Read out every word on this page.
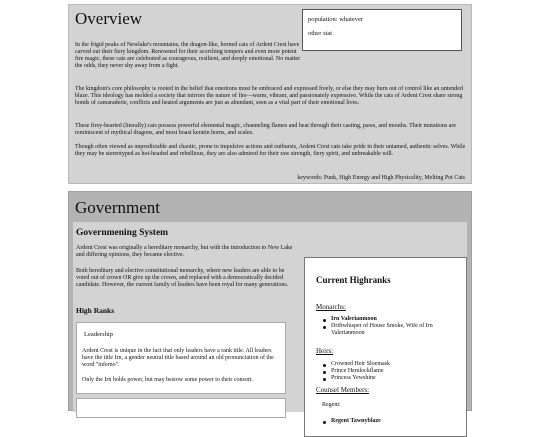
Overview	population: whatever
other stat

In the frigid peaks of Newlake's mountains, the dragon-like, horned cats of Ardent Crest have carved out their fiery kingdom. Renowned for their scorching tempers and even more potent fire magic, these cats are celebrated as courageous, resilient, and deeply emotional. No matter the odds, they never shy away from a fight.

The kingdom's core philosophy is rooted in the belief that emotions must be embraced and expressed freely, or else they may burn out of control like an untended blaze. This ideology has molded a society that mirrors the nature of fire—warm, vibrant, and passionately expressive. While the cats of Ardent Crest share strong bonds of camaraderie, conflicts and heated arguments are just as abundant, seen as a vital part of their emotional lives.

These firey-hearted (literally) cats possess powerful elemental magic, channeling flames and heat through their casting, paws, and mouths. Their mutations are reminiscent of mythical dragons, and most boast keratin horns, and scales.

Though often viewed as unpredictable and chaotic, prone to impulsive actions and outbursts, Ardent Crest cats take pride in their untamed, authentic selves. While they may be stereotyped as hot-headed and rebellious, they are also admired for their raw strength, fiery spirit, and unbreakable will.

keywords: Punk, High Energy and High Physicality, Melting Pot Cats
Government
Governmening System

Ardent Crest was originally a hereditary monarchy, but with the introduction to New Lake and differing opinions, they became elective.

Both hereditary and elective constitutional monarchy, where new leaders are able to be voted out of crown OR give up the crown, and replaced with a democratically decided candidate. However, the current family of leaders have been royal for many generations.

High Ranks
Leadership
Ardent Crest is unique in the fact that only leaders have a rank title. All leaders have the title Irn, a gender neutral title based around an old pronunciation of the word "inferno".
Only the Irn holds power, but may bestow some power to their consort.
Current Highranks
Monarchs:
Irn Valerianmoon
Driftwhisper of House Smoke, Wife of Irn Valerianmoon
Heirs:
Crowned Heir Sloemask
Prince Hemlockflame
Princess Yewshine
Counsel Members:
Regent:
Regent Tawnyblaze
